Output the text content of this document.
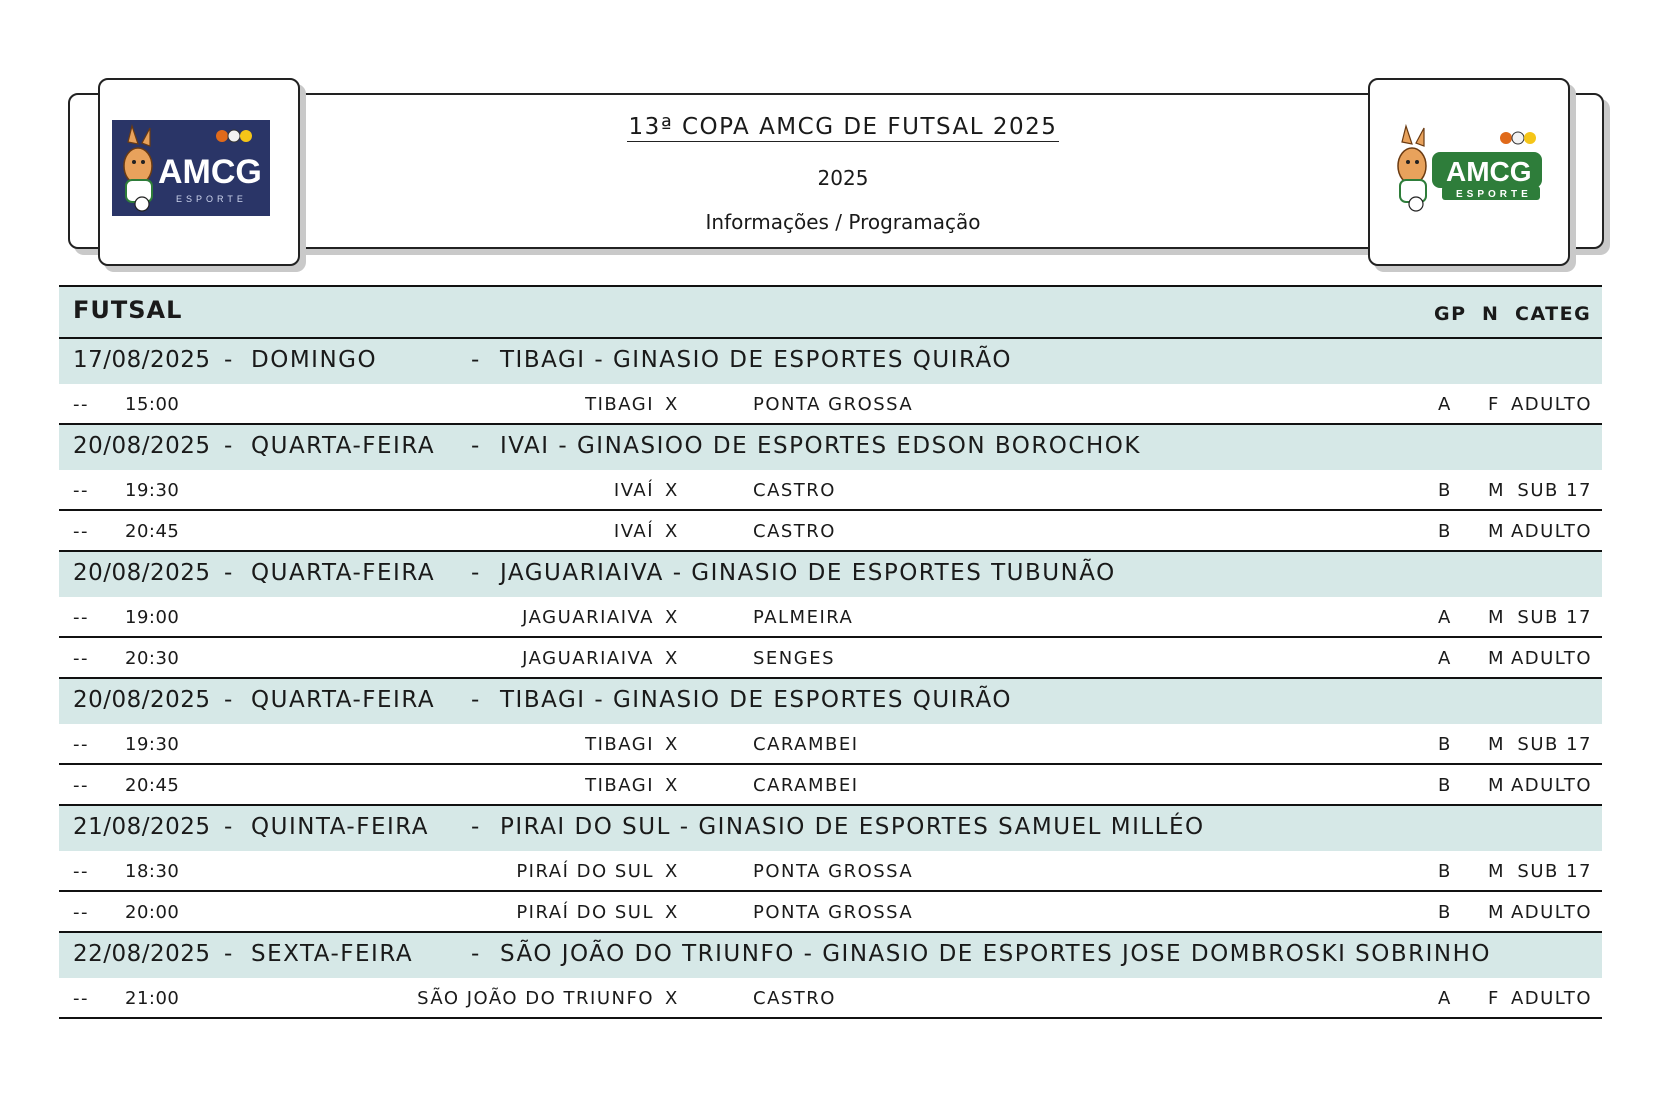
AMCG
ESPORTE
AMCG
ESPORTE
13ª COPA AMCG DE FUTSAL 2025
2025
Informações / Programação
FUTSAL	GP N CATEG
17/08/2025 - DOMINGO	- TIBAGI - GINASIO DE ESPORTES QUIRÃO
-- 15:00	TIBAGI X	PONTA GROSSA	A F ADULTO
20/08/2025 - QUARTA-FEIRA - IVAI - GINASIOO DE ESPORTES EDSON BOROCHOK
-- 19:30	IVAÍ X	CASTRO	B M SUB 17
-- 20:45	IVAÍ X	CASTRO	B M ADULTO
20/08/2025 - QUARTA-FEIRA - JAGUARIAIVA - GINASIO DE ESPORTES TUBUNÃO
-- 19:00	JAGUARIAIVA X	PALMEIRA	A M SUB 17
-- 20:30	JAGUARIAIVA X	SENGES	A M ADULTO
20/08/2025 - QUARTA-FEIRA - TIBAGI - GINASIO DE ESPORTES QUIRÃO
-- 19:30	TIBAGI X	CARAMBEI	B M SUB 17
-- 20:45	TIBAGI X	CARAMBEI	B M ADULTO
21/08/2025 - QUINTA-FEIRA - PIRAI DO SUL - GINASIO DE ESPORTES SAMUEL MILLÉO
-- 18:30	PIRAÍ DO SUL X	PONTA GROSSA	B M SUB 17
-- 20:00	PIRAÍ DO SUL X	PONTA GROSSA	B M ADULTO
22/08/2025 - SEXTA-FEIRA	- SÃO JOÃO DO TRIUNFO - GINASIO DE ESPORTES JOSE DOMBROSKI SOBRINHO
-- 21:00	SÃO JOÃO DO TRIUNFO X	CASTRO	A F ADULTO
